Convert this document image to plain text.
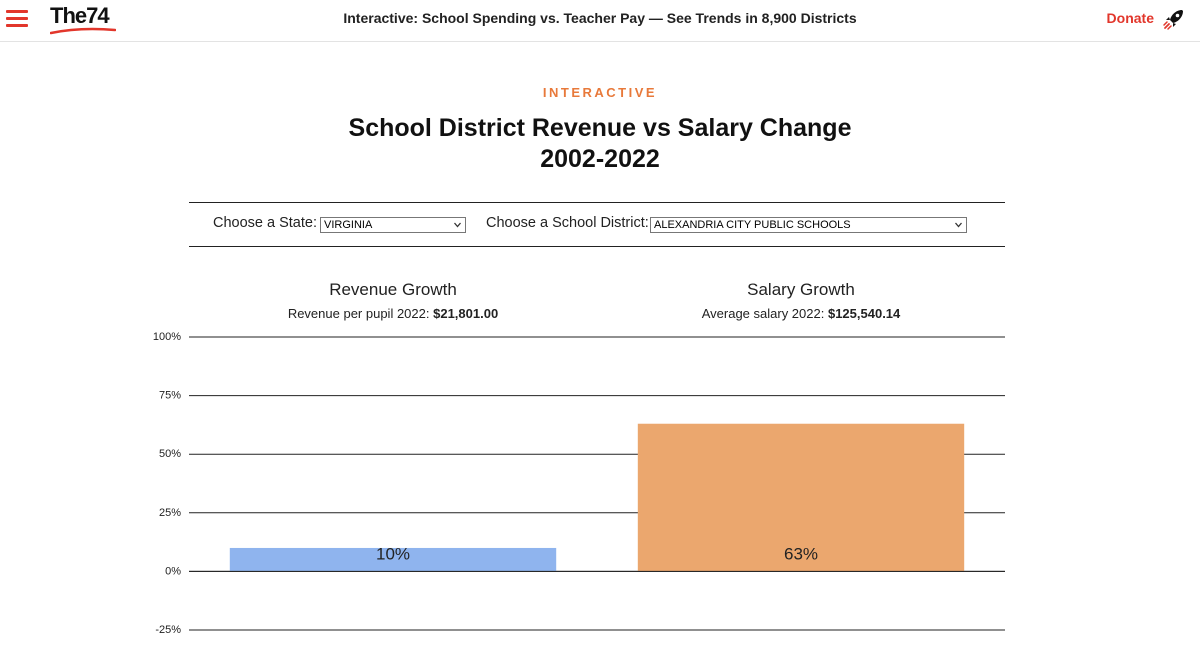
The74	Interactive: School Spending vs. Teacher Pay — See Trends in 8,900 Districts	Donate
INTERACTIVE
School District Revenue vs Salary Change
2002-2022
Choose a State: VIRGINIA	Choose a School District: ALEXANDRIA CITY PUBLIC SCHOOLS
Revenue Growth
Revenue per pupil 2022: $21,801.00
Salary Growth
Average salary 2022: $125,540.14
100%
75%
50%
25%
0%
-25%
10%	63%
